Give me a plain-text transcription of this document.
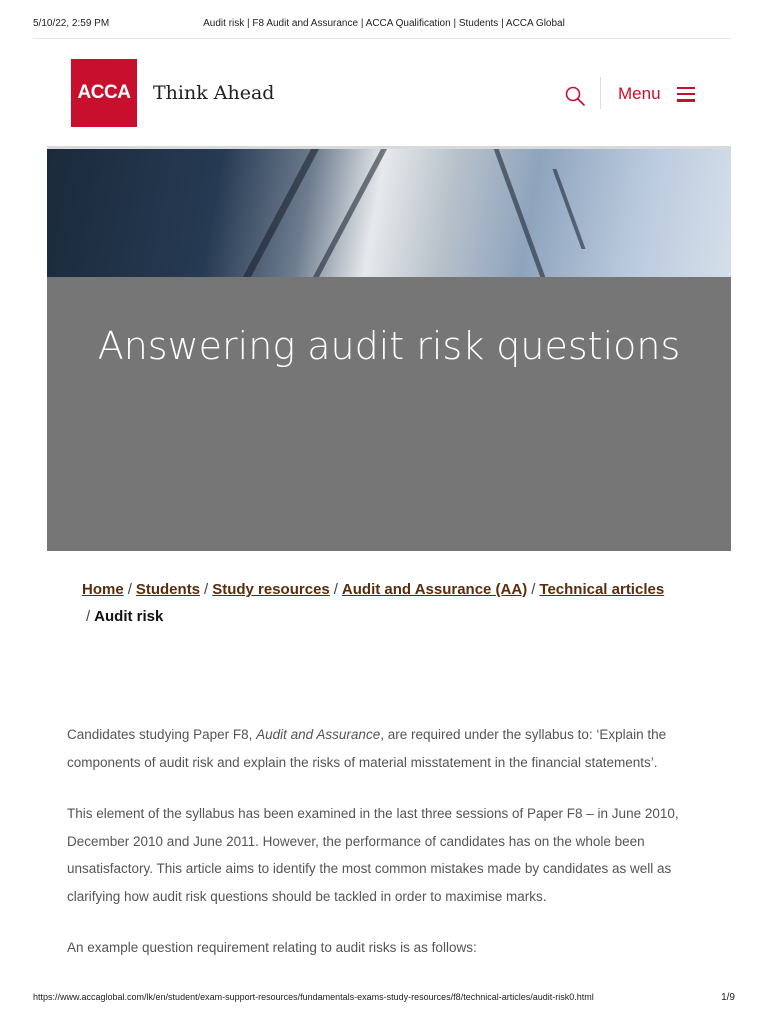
5/10/22, 2:59 PM	Audit risk | F8 Audit and Assurance | ACCA Qualification | Students | ACCA Global
ACCA Think Ahead	Menu
Answering audit risk questions
Home / Students / Study resources / Audit and Assurance (AA) / Technical articles
/ Audit risk

Candidates studying Paper F8, Audit and Assurance, are required under the syllabus to: ‘Explain the components of audit risk and explain the risks of material misstatement in the financial statements’.

This element of the syllabus has been examined in the last three sessions of Paper F8 – in June 2010, December 2010 and June 2011. However, the performance of candidates has on the whole been unsatisfactory. This article aims to identify the most common mistakes made by candidates as well as clarifying how audit risk questions should be tackled in order to maximise marks.

An example question requirement relating to audit risks is as follows:

https://www.accaglobal.com/lk/en/student/exam-support-resources/fundamentals-exams-study-resources/f8/technical-articles/audit-risk0.html	1/9
